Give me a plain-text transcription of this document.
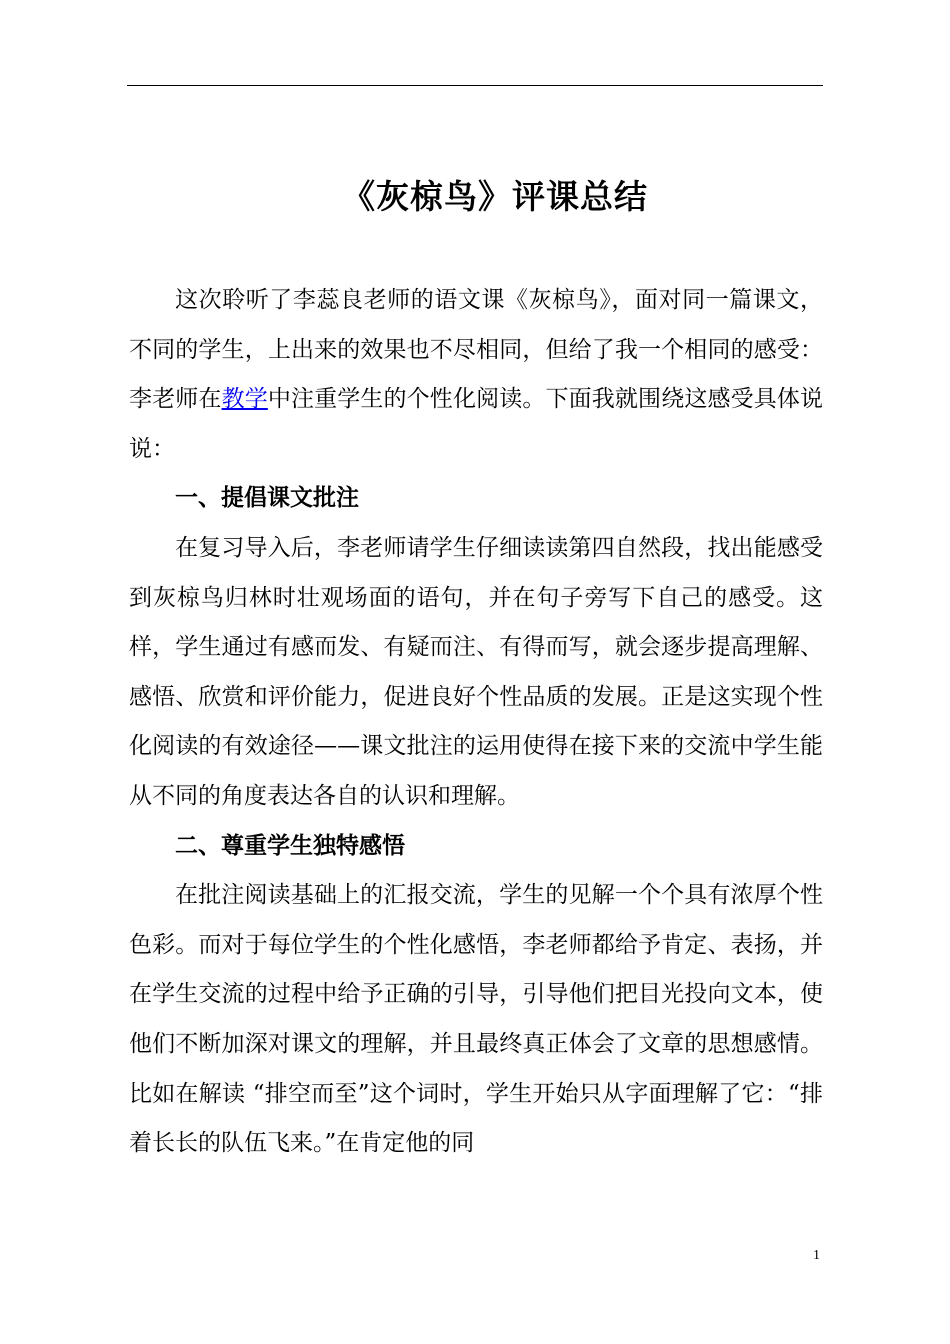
《灰椋鸟》评课总结

这次聆听了李蕊良老师的语文课《灰椋鸟》，面对同一篇课文，不同的学生，上出来的效果也不尽相同，但给了我一个相同的感受：李老师在教学中注重学生的个性化阅读。下面我就围绕这感受具体说说：

一、提倡课文批注

在复习导入后，李老师请学生仔细读读第四自然段，找出能感受到灰椋鸟归林时壮观场面的语句，并在句子旁写下自己的感受。这样，学生通过有感而发、有疑而注、有得而写，就会逐步提高理解、感悟、欣赏和评价能力，促进良好个性品质的发展。正是这实现个性化阅读的有效途径——课文批注的运用使得在接下来的交流中学生能从不同的角度表达各自的认识和理解。

二、尊重学生独特感悟

在批注阅读基础上的汇报交流，学生的见解一个个具有浓厚个性色彩。而对于每位学生的个性化感悟，李老师都给予肯定、表扬，并在学生交流的过程中给予正确的引导，引导他们把目光投向文本，使他们不断加深对课文的理解，并且最终真正体会了文章的思想感情。比如在解读 “排空而至”这个词时，学生开始只从字面理解了它：“排着长长的队伍飞来。”在肯定他的同

1
